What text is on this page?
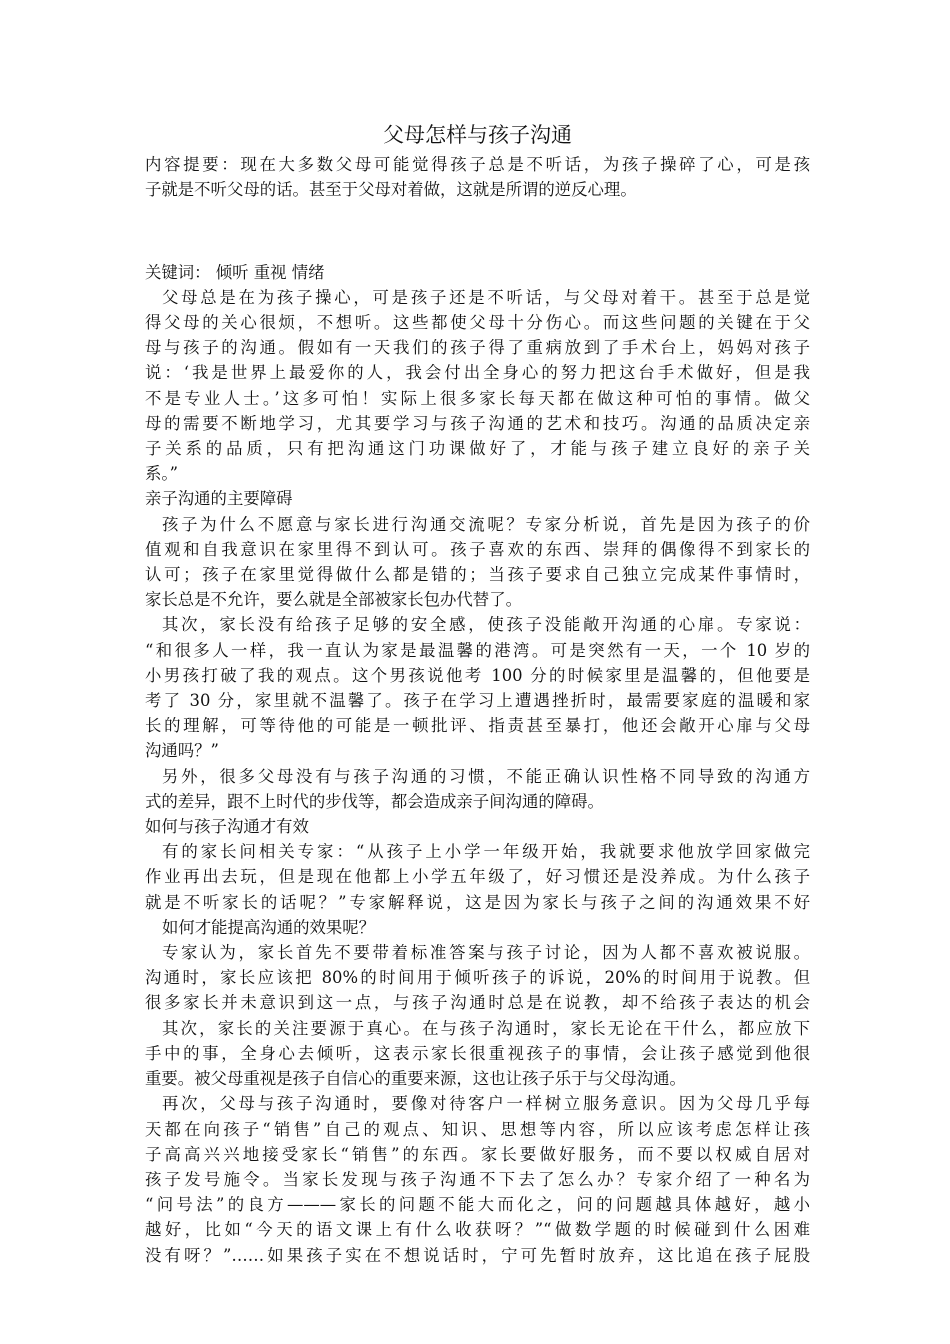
父母怎样与孩子沟通

内容提要：现在大多数父母可能觉得孩子总是不听话，为孩子操碎了心，可是孩

子就是不听父母的话。甚至于父母对着做，这就是所谓的逆反心理。

关键词： 倾听 重视 情绪

父母总是在为孩子操心，可是孩子还是不听话，与父母对着干。甚至于总是觉

得父母的关心很烦，不想听。这些都使父母十分伤心。而这些问题的关键在于父

母与孩子的沟通。假如有一天我们的孩子得了重病放到了手术台上，妈妈对孩子

说：‘我是世界上最爱你的人，我会付出全身心的努力把这台手术做好，但是我

不是专业人士。’这多可怕！实际上很多家长每天都在做这种可怕的事情。做父

母的需要不断地学习，尤其要学习与孩子沟通的艺术和技巧。沟通的品质决定亲

子关系的品质，只有把沟通这门功课做好了，才能与孩子建立良好的亲子关

系。”

亲子沟通的主要障碍

孩子为什么不愿意与家长进行沟通交流呢？专家分析说，首先是因为孩子的价

值观和自我意识在家里得不到认可。孩子喜欢的东西、崇拜的偶像得不到家长的

认可；孩子在家里觉得做什么都是错的；当孩子要求自己独立完成某件事情时，

家长总是不允许，要么就是全部被家长包办代替了。

其次，家长没有给孩子足够的安全感，使孩子没能敞开沟通的心扉。专家说：

“和很多人一样，我一直认为家是最温馨的港湾。可是突然有一天，一个 10 岁的

小男孩打破了我的观点。这个男孩说他考 100 分的时候家里是温馨的，但他要是

考了 30 分，家里就不温馨了。孩子在学习上遭遇挫折时，最需要家庭的温暖和家

长的理解，可等待他的可能是一顿批评、指责甚至暴打，他还会敞开心扉与父母

沟通吗？”

另外，很多父母没有与孩子沟通的习惯，不能正确认识性格不同导致的沟通方

式的差异，跟不上时代的步伐等，都会造成亲子间沟通的障碍。

如何与孩子沟通才有效

有的家长问相关专家：“从孩子上小学一年级开始，我就要求他放学回家做完

作业再出去玩，但是现在他都上小学五年级了，好习惯还是没养成。为什么孩子

就是不听家长的话呢？”专家解释说，这是因为家长与孩子之间的沟通效果不好

如何才能提高沟通的效果呢？

专家认为，家长首先不要带着标准答案与孩子讨论，因为人都不喜欢被说服。

沟通时，家长应该把 80%的时间用于倾听孩子的诉说，20%的时间用于说教。但

很多家长并未意识到这一点，与孩子沟通时总是在说教，却不给孩子表达的机会

其次，家长的关注要源于真心。在与孩子沟通时，家长无论在干什么，都应放下

手中的事，全身心去倾听，这表示家长很重视孩子的事情，会让孩子感觉到他很

重要。被父母重视是孩子自信心的重要来源，这也让孩子乐于与父母沟通。

再次，父母与孩子沟通时，要像对待客户一样树立服务意识。因为父母几乎每

天都在向孩子“销售”自己的观点、知识、思想等内容，所以应该考虑怎样让孩

子高高兴兴地接受家长“销售”的东西。家长要做好服务，而不要以权威自居对

孩子发号施令。当家长发现与孩子沟通不下去了怎么办？专家介绍了一种名为

“问号法”的良方———家长的问题不能大而化之，问的问题越具体越好，越小

越好，比如“今天的语文课上有什么收获呀？”“做数学题的时候碰到什么困难

没有呀？”……如果孩子实在不想说话时，宁可先暂时放弃，这比追在孩子屁股
